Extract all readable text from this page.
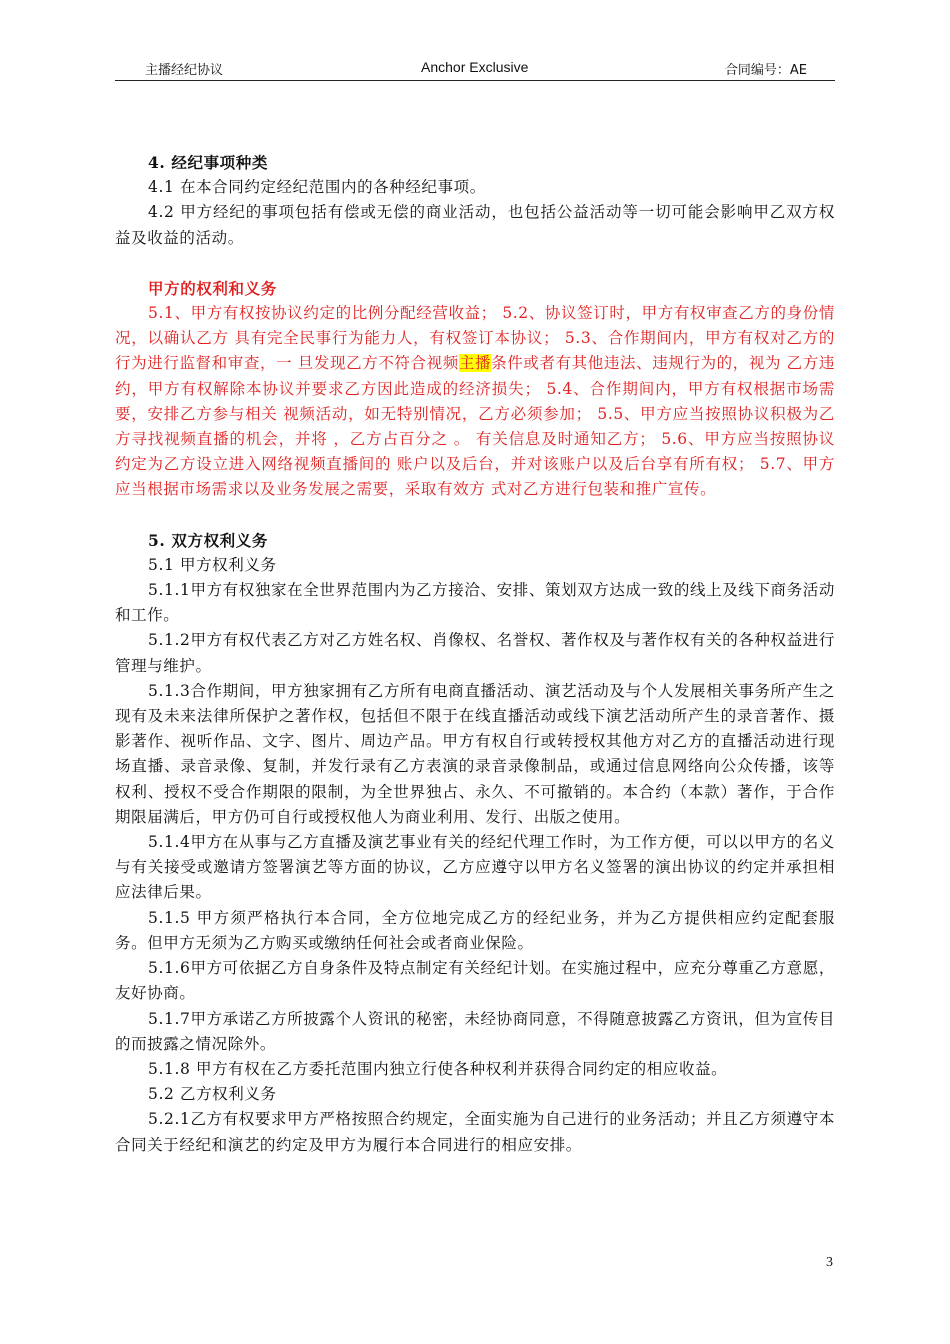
主播经纪协议	Anchor Exclusive	合同编号：AE

4. 经纪事项种类

4.1 在本合同约定经纪范围内的各种经纪事项。

4.2 甲方经纪的事项包括有偿或无偿的商业活动，也包括公益活动等一切可能会影响甲乙双方权益及收益的活动。

甲方的权利和义务

5.1、甲方有权按协议约定的比例分配经营收益； 5.2、协议签订时，甲方有权审查乙方的身份情况，以确认乙方 具有完全民事行为能力人，有权签订本协议； 5.3、合作期间内，甲方有权对乙方的行为进行监督和审查，一 旦发现乙方不符合视频主播条件或者有其他违法、违规行为的，视为 乙方违约，甲方有权解除本协议并要求乙方因此造成的经济损失； 5.4、合作期间内，甲方有权根据市场需要，安排乙方参与相关 视频活动，如无特别情况，乙方必须参加； 5.5、甲方应当按照协议积极为乙方寻找视频直播的机会，并将 ，乙方占百分之 。 有关信息及时通知乙方； 5.6、甲方应当按照协议约定为乙方设立进入网络视频直播间的 账户以及后台，并对该账户以及后台享有所有权； 5.7、甲方应当根据市场需求以及业务发展之需要，采取有效方 式对乙方进行包装和推广宣传。

5. 双方权利义务

5.1 甲方权利义务

5.1.1甲方有权独家在全世界范围内为乙方接洽、安排、策划双方达成一致的线上及线下商务活动和工作。

5.1.2甲方有权代表乙方对乙方姓名权、肖像权、名誉权、著作权及与著作权有关的各种权益进行管理与维护。

5.1.3合作期间，甲方独家拥有乙方所有电商直播活动、演艺活动及与个人发展相关事务所产生之现有及未来法律所保护之著作权，包括但不限于在线直播活动或线下演艺活动所产生的录音著作、摄影著作、视听作品、文字、图片、周边产品。甲方有权自行或转授权其他方对乙方的直播活动进行现场直播、录音录像、复制，并发行录有乙方表演的录音录像制品，或通过信息网络向公众传播，该等权利、授权不受合作期限的限制，为全世界独占、永久、不可撤销的。本合约（本款）著作，于合作期限届满后，甲方仍可自行或授权他人为商业利用、发行、出版之使用。

5.1.4甲方在从事与乙方直播及演艺事业有关的经纪代理工作时，为工作方便，可以以甲方的名义与有关接受或邀请方签署演艺等方面的协议，乙方应遵守以甲方名义签署的演出协议的约定并承担相应法律后果。

5.1.5 甲方须严格执行本合同，全方位地完成乙方的经纪业务，并为乙方提供相应约定配套服务。但甲方无须为乙方购买或缴纳任何社会或者商业保险。

5.1.6甲方可依据乙方自身条件及特点制定有关经纪计划。在实施过程中，应充分尊重乙方意愿，友好协商。

5.1.7甲方承诺乙方所披露个人资讯的秘密，未经协商同意，不得随意披露乙方资讯，但为宣传目的而披露之情况除外。

5.1.8 甲方有权在乙方委托范围内独立行使各种权利并获得合同约定的相应收益。

5.2 乙方权利义务

5.2.1乙方有权要求甲方严格按照合约规定，全面实施为自己进行的业务活动；并且乙方须遵守本合同关于经纪和演艺的约定及甲方为履行本合同进行的相应安排。

3
